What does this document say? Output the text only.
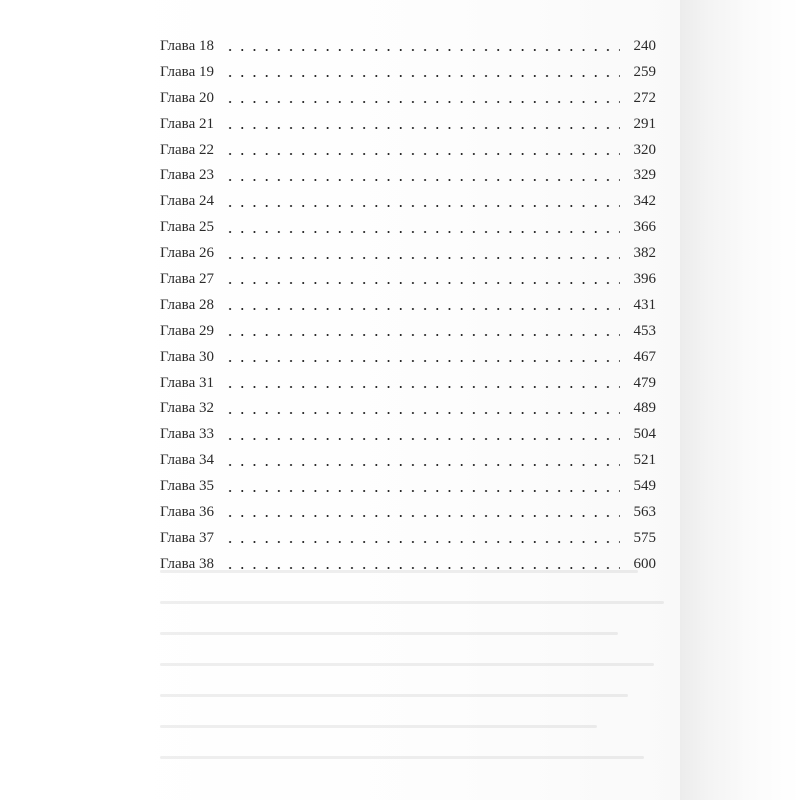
Глава 18	240
Глава 19	259
Глава 20	272
Глава 21	291
Глава 22	320
Глава 23	329
Глава 24	342
Глава 25	366
Глава 26	382
Глава 27	396
Глава 28	431
Глава 29	453
Глава 30	467
Глава 31	479
Глава 32	489
Глава 33	504
Глава 34	521
Глава 35	549
Глава 36	563
Глава 37	575
Глава 38	600
